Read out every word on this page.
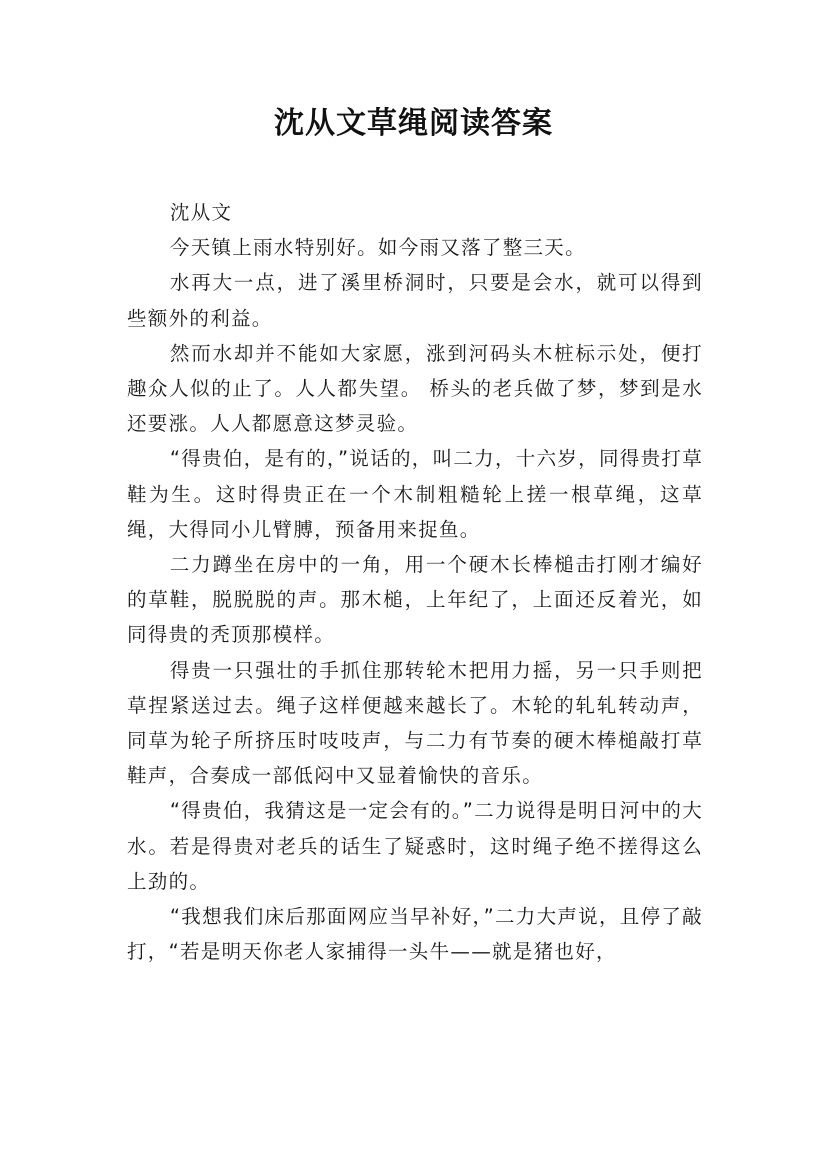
沈从文草绳阅读答案

沈从文

今天镇上雨水特别好。如今雨又落了整三天。

水再大一点，进了溪里桥洞时，只要是会水，就可以得到些额外的利益。

然而水却并不能如大家愿，涨到河码头木桩标示处，便打趣众人似的止了。人人都失望。 桥头的老兵做了梦，梦到是水还要涨。人人都愿意这梦灵验。

“得贵伯，是有的，”说话的，叫二力，十六岁，同得贵打草鞋为生。这时得贵正在一个木制粗糙轮上搓一根草绳，这草绳，大得同小儿臂膊，预备用来捉鱼。

二力蹲坐在房中的一角，用一个硬木长棒槌击打刚才编好的草鞋，脱脱脱的声。那木槌，上年纪了，上面还反着光，如同得贵的秃顶那模样。

得贵一只强壮的手抓住那转轮木把用力摇，另一只手则把草捏紧送过去。绳子这样便越来越长了。木轮的轧轧转动声，同草为轮子所挤压时吱吱声，与二力有节奏的硬木棒槌敲打草鞋声，合奏成一部低闷中又显着愉快的音乐。

“得贵伯，我猜这是一定会有的。”二力说得是明日河中的大水。若是得贵对老兵的话生了疑惑时，这时绳子绝不搓得这么上劲的。

“我想我们床后那面网应当早补好，”二力大声说，且停了敲打，“若是明天你老人家捕得一头牛——就是猪也好，
